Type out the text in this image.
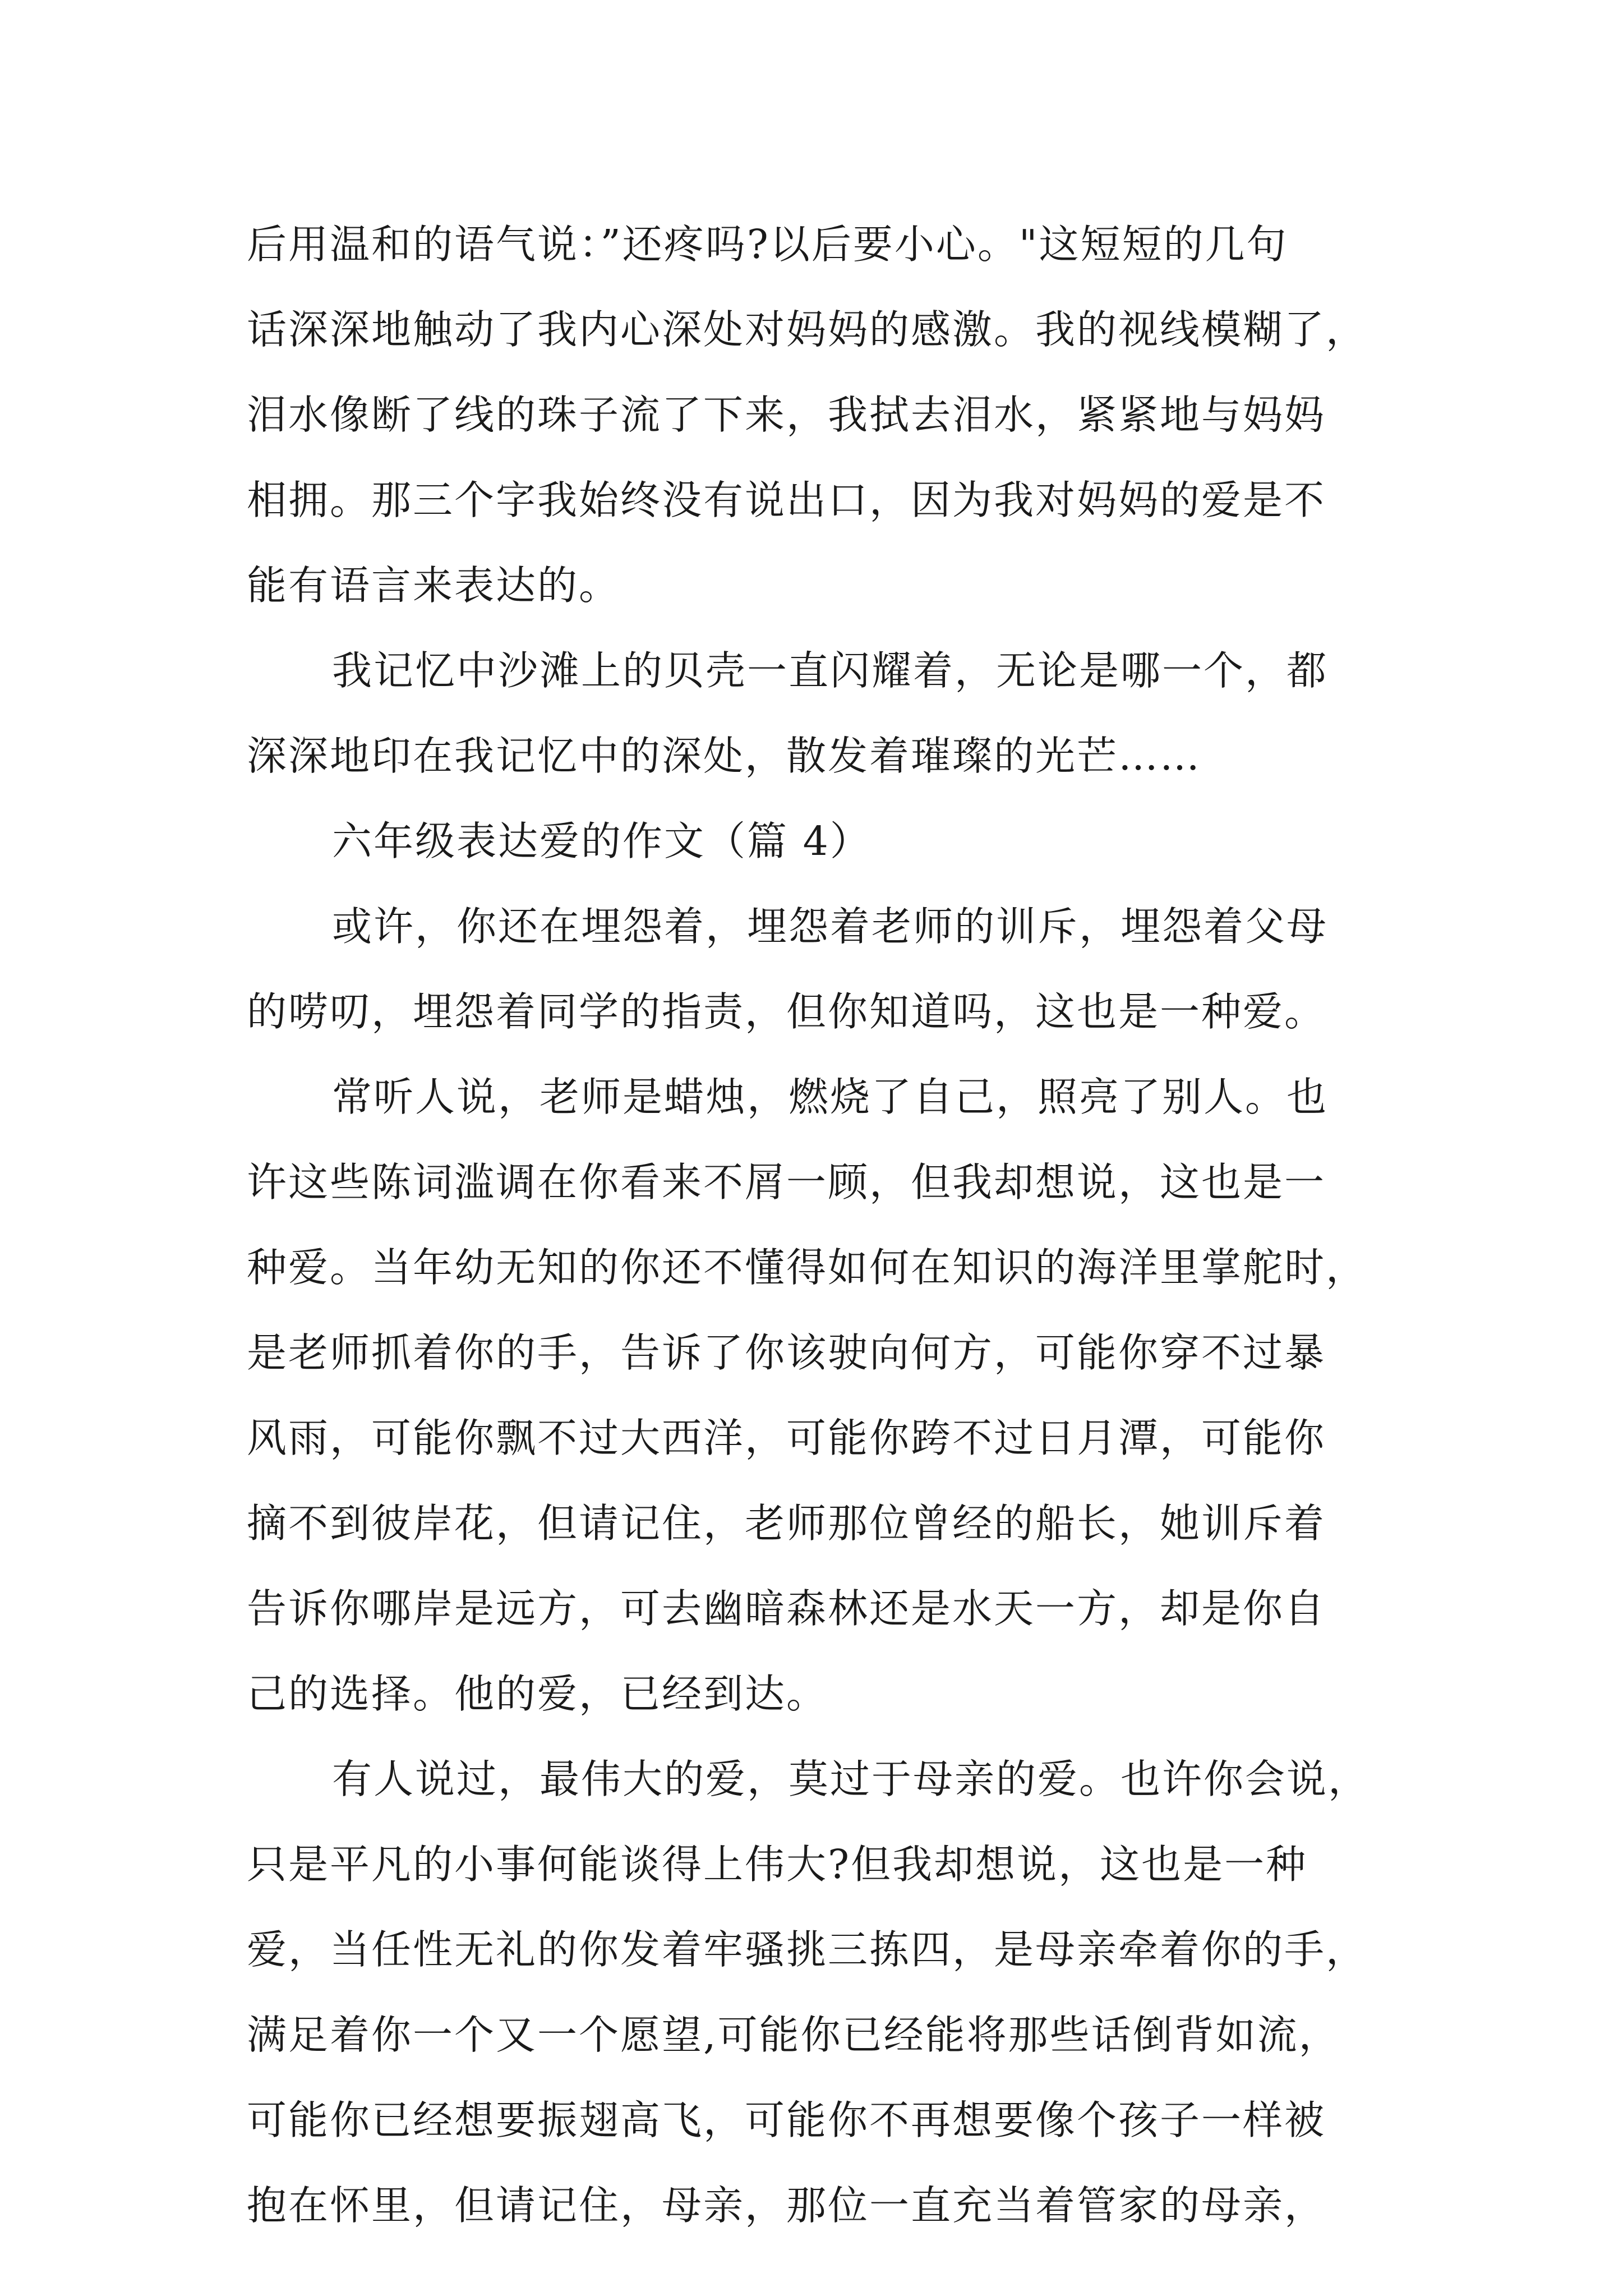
后用温和的语气说：”还疼吗?以后要小心。"这短短的几句
话深深地触动了我内心深处对妈妈的感激。我的视线模糊了，
泪水像断了线的珠子流了下来，我拭去泪水，紧紧地与妈妈
相拥。那三个字我始终没有说出口，因为我对妈妈的爱是不
能有语言来表达的。
我记忆中沙滩上的贝壳一直闪耀着，无论是哪一个，都
深深地印在我记忆中的深处，散发着璀璨的光芒……
六年级表达爱的作文（篇 4）
或许，你还在埋怨着，埋怨着老师的训斥，埋怨着父母
的唠叨，埋怨着同学的指责，但你知道吗，这也是一种爱。
常听人说，老师是蜡烛，燃烧了自己，照亮了别人。也
许这些陈词滥调在你看来不屑一顾，但我却想说，这也是一
种爱。当年幼无知的你还不懂得如何在知识的海洋里掌舵时，
是老师抓着你的手，告诉了你该驶向何方，可能你穿不过暴
风雨，可能你飘不过大西洋，可能你跨不过日月潭，可能你
摘不到彼岸花，但请记住，老师那位曾经的船长，她训斥着
告诉你哪岸是远方，可去幽暗森林还是水天一方，却是你自
己的选择。他的爱，已经到达。
有人说过，最伟大的爱，莫过于母亲的爱。也许你会说，
只是平凡的小事何能谈得上伟大?但我却想说，这也是一种
爱，当任性无礼的你发着牢骚挑三拣四，是母亲牵着你的手，
满足着你一个又一个愿望,可能你已经能将那些话倒背如流，
可能你已经想要振翅高飞，可能你不再想要像个孩子一样被
抱在怀里，但请记住，母亲，那位一直充当着管家的母亲，
